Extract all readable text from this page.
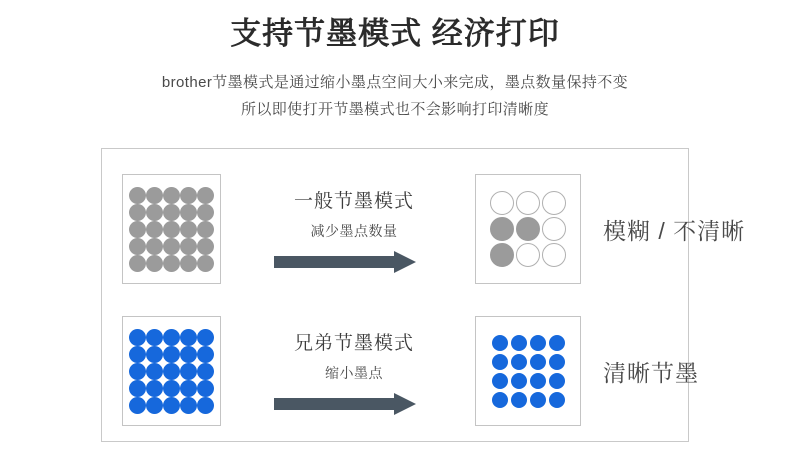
支持节墨模式 经济打印
brother节墨模式是通过缩小墨点空间大小来完成，墨点数量保持不变
所以即使打开节墨模式也不会影响打印清晰度
一般节墨模式
减少墨点数量	模糊 / 不清晰
兄弟节墨模式
缩小墨点	清晰节墨
